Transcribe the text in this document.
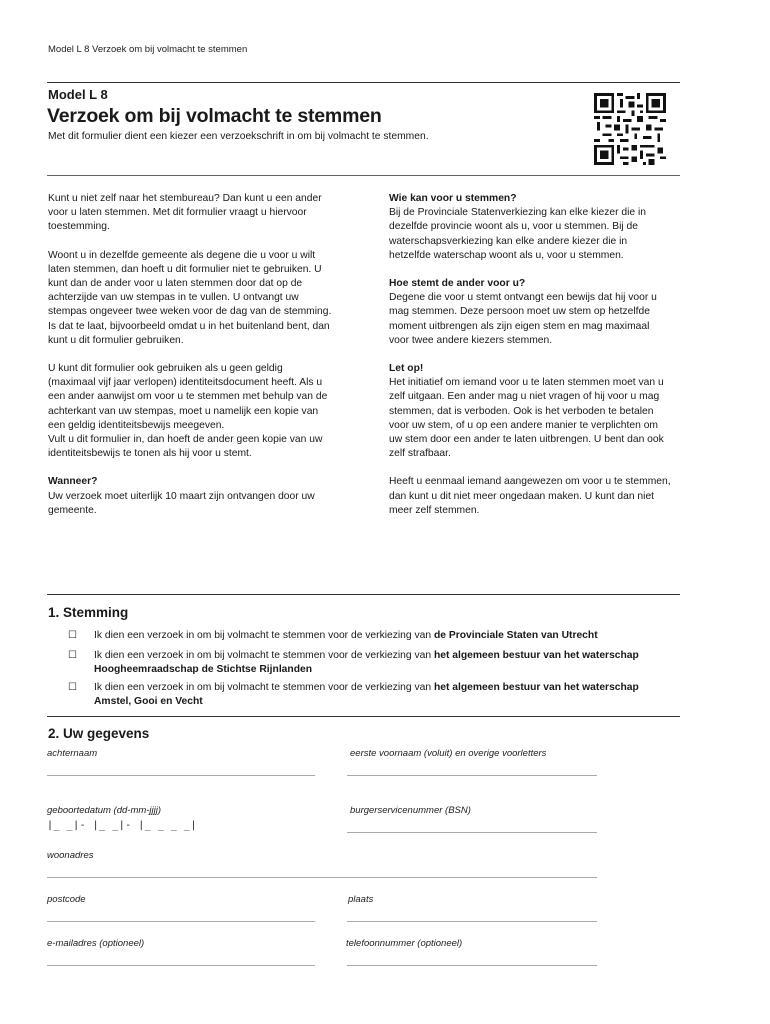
Model L 8 Verzoek om bij volmacht te stemmen
Model L 8
Verzoek om bij volmacht te stemmen
Met dit formulier dient een kiezer een verzoekschrift in om bij volmacht te stemmen.

Kunt u niet zelf naar het stembureau? Dan kunt u een ander voor u laten stemmen. Met dit formulier vraagt u hiervoor toestemming.

Woont u in dezelfde gemeente als degene die u voor u wilt laten stemmen, dan hoeft u dit formulier niet te gebruiken. U kunt dan de ander voor u laten stemmen door dat op de achterzijde van uw stempas in te vullen. U ontvangt uw stempas ongeveer twee weken voor de dag van de stemming. Is dat te laat, bijvoorbeeld omdat u in het buitenland bent, dan kunt u dit formulier gebruiken.

U kunt dit formulier ook gebruiken als u geen geldig (maximaal vijf jaar verlopen) identiteitsdocument heeft. Als u een ander aanwijst om voor u te stemmen met behulp van de achterkant van uw stempas, moet u namelijk een kopie van een geldig identiteitsbewijs meegeven.

Vult u dit formulier in, dan hoeft de ander geen kopie van uw identiteitsbewijs te tonen als hij voor u stemt.

Wanneer?

Uw verzoek moet uiterlijk 10 maart zijn ontvangen door uw gemeente.

Wie kan voor u stemmen?

Bij de Provinciale Statenverkiezing kan elke kiezer die in dezelfde provincie woont als u, voor u stemmen. Bij de waterschapsverkiezing kan elke andere kiezer die in hetzelfde waterschap woont als u, voor u stemmen.

Hoe stemt de ander voor u?

Degene die voor u stemt ontvangt een bewijs dat hij voor u mag stemmen. Deze persoon moet uw stem op hetzelfde moment uitbrengen als zijn eigen stem en mag maximaal voor twee andere kiezers stemmen.

Let op!

Het initiatief om iemand voor u te laten stemmen moet van u zelf uitgaan. Een ander mag u niet vragen of hij voor u mag stemmen, dat is verboden. Ook is het verboden te betalen voor uw stem, of u op een andere manier te verplichten om uw stem door een ander te laten uitbrengen. U bent dan ook zelf strafbaar.

Heeft u eenmaal iemand aangewezen om voor u te stemmen, dan kunt u dit niet meer ongedaan maken. U kunt dan niet meer zelf stemmen.

1. Stemming
☐ Ik dien een verzoek in om bij volmacht te stemmen voor de verkiezing van de Provinciale Staten van Utrecht
☐ Ik dien een verzoek in om bij volmacht te stemmen voor de verkiezing van het algemeen bestuur van het waterschap Hoogheemraadschap de Stichtse Rijnlanden
☐ Ik dien een verzoek in om bij volmacht te stemmen voor de verkiezing van het algemeen bestuur van het waterschap Amstel, Gooi en Vecht
2. Uw gegevens
achternaam	eerste voornaam (voluit) en overige voorletters
geboortedatum (dd-mm-jjjj)
|_ _|- |_ _|- |_ _ _ _|
burgerservicenummer (BSN)
woonadres
postcode	plaats
e-mailadres (optioneel)	telefoonnummer (optioneel)
